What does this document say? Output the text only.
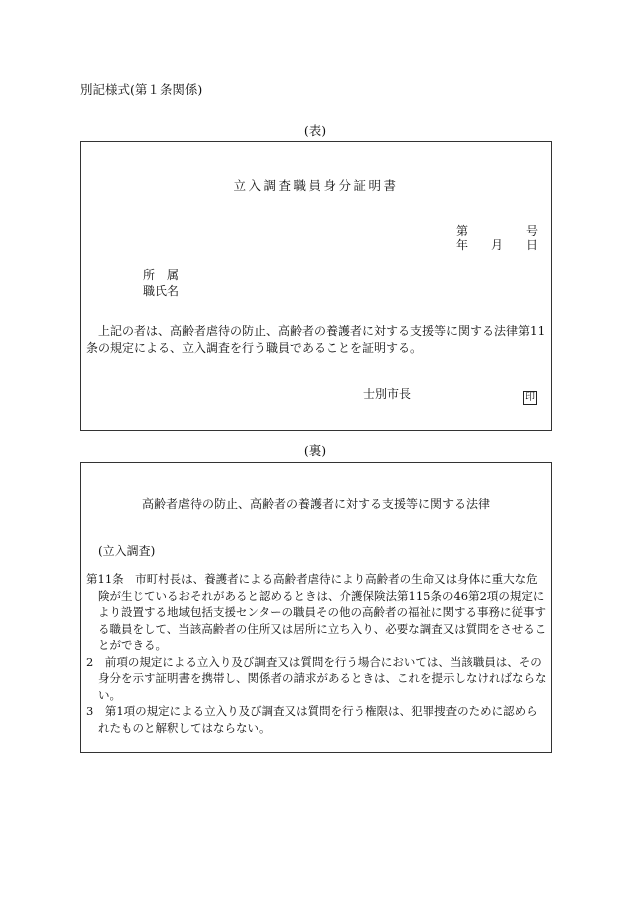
別記様式(第１条関係)
(表)
立入調査職員身分証明書
第	号
年 月 日
所　属
職氏名

　上記の者は、高齢者虐待の防止、高齢者の養護者に対する支援等に関する法律第11条の規定による、立入調査を行う職員であることを証明する。

士別市長	印
(裏)
高齢者虐待の防止、高齢者の養護者に対する支援等に関する法律
(立入調査)

第11条　市町村長は、養護者による高齢者虐待により高齢者の生命又は身体に重大な危険が生じているおそれがあると認めるときは、介護保険法第115条の46第2項の規定により設置する地域包括支援センターの職員その他の高齢者の福祉に関する事務に従事する職員をして、当該高齢者の住所又は居所に立ち入り、必要な調査又は質問をさせることができる。

2　前項の規定による立入り及び調査又は質問を行う場合においては、当該職員は、その身分を示す証明書を携帯し、関係者の請求があるときは、これを提示しなければならない。

3　第1項の規定による立入り及び調査又は質問を行う権限は、犯罪捜査のために認められたものと解釈してはならない。
